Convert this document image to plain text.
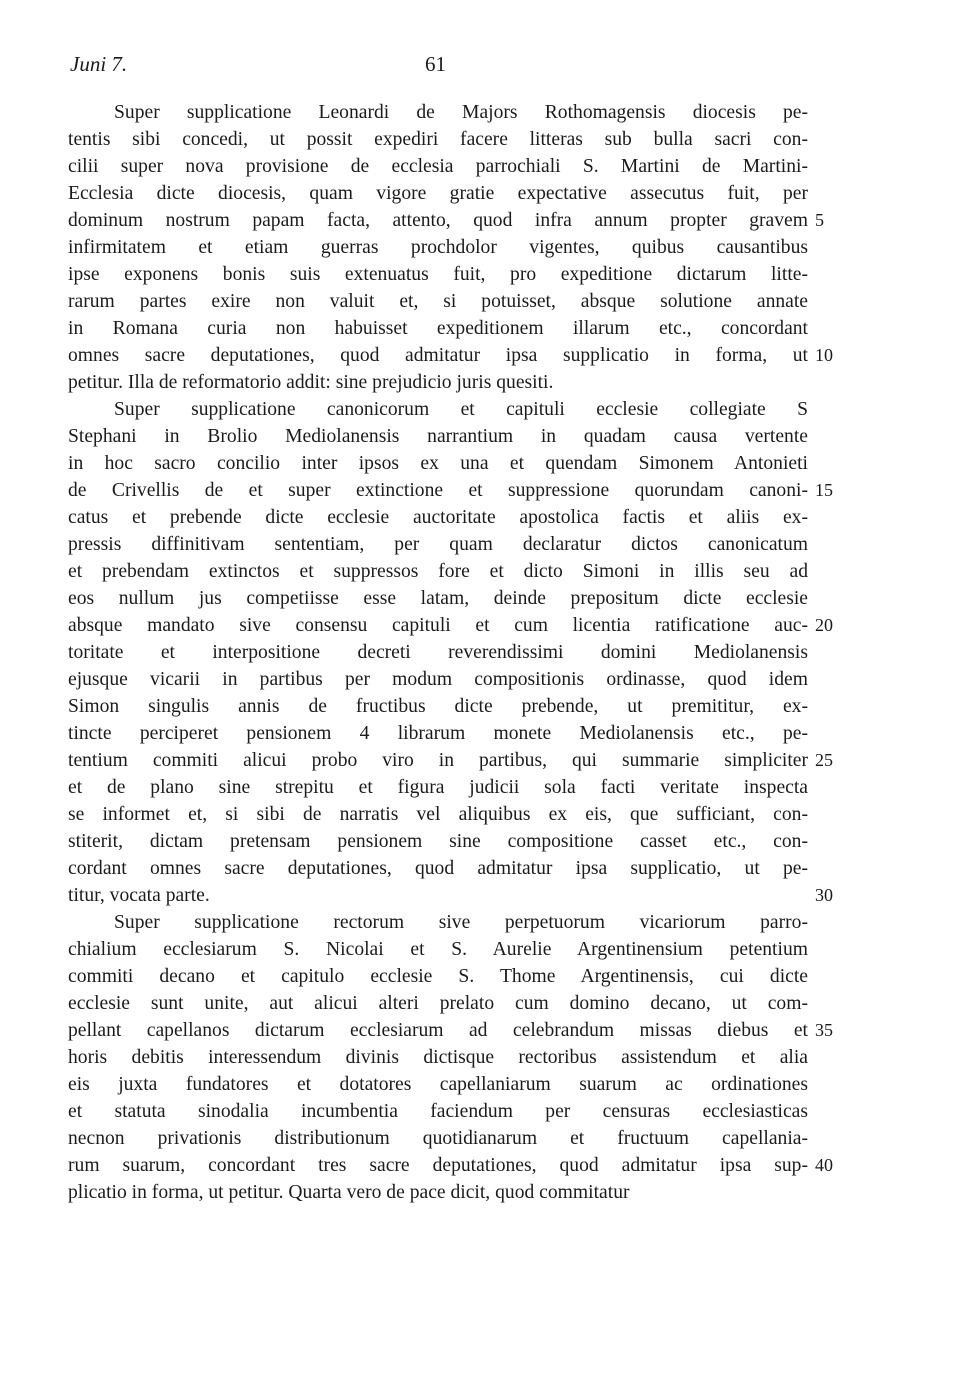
Juni 7.	61
Super supplicatione Leonardi de Majors Rothomagensis diocesis pe-
tentis sibi concedi, ut possit expediri facere litteras sub bulla sacri con-
cilii super nova provisione de ecclesia parrochiali S. Martini de Martini-
Ecclesia dicte diocesis, quam vigore gratie expectative assecutus fuit, per
dominum nostrum papam facta, attento, quod infra annum propter gravem
infirmitatem et etiam guerras prochdolor vigentes, quibus causantibus
ipse exponens bonis suis extenuatus fuit, pro expeditione dictarum litte-
rarum partes exire non valuit et, si potuisset, absque solutione annate
in Romana curia non habuisset expeditionem illarum etc., concordant
omnes sacre deputationes, quod admitatur ipsa supplicatio in forma, ut
petitur. Illa de reformatorio addit: sine prejudicio juris quesiti.
Super supplicatione canonicorum et capituli ecclesie collegiate S
Stephani in Brolio Mediolanensis narrantium in quadam causa vertente
in hoc sacro concilio inter ipsos ex una et quendam Simonem Antonieti
de Crivellis de et super extinctione et suppressione quorundam canoni-
catus et prebende dicte ecclesie auctoritate apostolica factis et aliis ex-
pressis diffinitivam sententiam, per quam declaratur dictos canonicatum
et prebendam extinctos et suppressos fore et dicto Simoni in illis seu ad
eos nullum jus competiisse esse latam, deinde prepositum dicte ecclesie
absque mandato sive consensu capituli et cum licentia ratificatione auc-
toritate et interpositione decreti reverendissimi domini Mediolanensis
ejusque vicarii in partibus per modum compositionis ordinasse, quod idem
Simon singulis annis de fructibus dicte prebende, ut premititur, ex-
tincte perciperet pensionem 4 librarum monete Mediolanensis etc., pe-
tentium commiti alicui probo viro in partibus, qui summarie simpliciter
et de plano sine strepitu et figura judicii sola facti veritate inspecta
se informet et, si sibi de narratis vel aliquibus ex eis, que sufficiant, con-
stiterit, dictam pretensam pensionem sine compositione casset etc., con-
cordant omnes sacre deputationes, quod admitatur ipsa supplicatio, ut pe-
titur, vocata parte.
Super supplicatione rectorum sive perpetuorum vicariorum parro-
chialium ecclesiarum S. Nicolai et S. Aurelie Argentinensium petentium
commiti decano et capitulo ecclesie S. Thome Argentinensis, cui dicte
ecclesie sunt unite, aut alicui alteri prelato cum domino decano, ut com-
pellant capellanos dictarum ecclesiarum ad celebrandum missas diebus et
horis debitis interessendum divinis dictisque rectoribus assistendum et alia
eis juxta fundatores et dotatores capellaniarum suarum ac ordinationes
et statuta sinodalia incumbentia faciendum per censuras ecclesiasticas
necnon privationis distributionum quotidianarum et fructuum capellania-
rum suarum, concordant tres sacre deputationes, quod admitatur ipsa sup-
plicatio in forma, ut petitur. Quarta vero de pace dicit, quod commitatur
5
10
15
20
25
30
35
40
